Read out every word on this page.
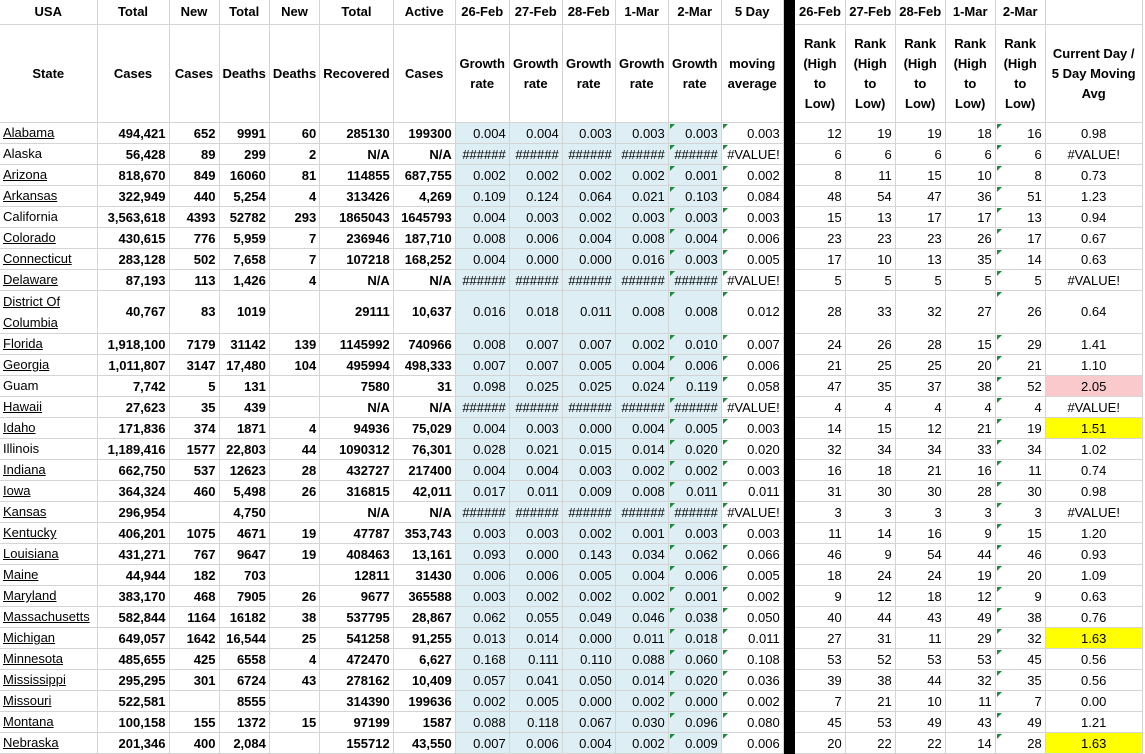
USA	Total	New	Total	New	Total	Active	26-Feb	27-Feb	28-Feb	1-Mar	2-Mar	5 Day		26-Feb	27-Feb	28-Feb	1-Mar	2-Mar	
State	Cases	Cases	Deaths	Deaths	Recovered	Cases	Growth rate	Growth rate	Growth rate	Growth rate	Growth rate	moving average		Rank (High to Low)	Rank (High to Low)	Rank (High to Low)	Rank (High to Low)	Rank (High to Low)	Current Day / 5 Day Moving Avg
Alabama	494,421	652	9991	60	285130	199300	0.004	0.004	0.003	0.003	0.003	0.003		12	19	19	18	16	0.98
Alaska	56,428	89	299	2	N/A	N/A	######	######	######	######	######	#VALUE!		6	6	6	6	6	#VALUE!
Arizona	818,670	849	16060	81	114855	687,755	0.002	0.002	0.002	0.002	0.001	0.002		8	11	15	10	8	0.73
Arkansas	322,949	440	5,254	4	313426	4,269	0.109	0.124	0.064	0.021	0.103	0.084		48	54	47	36	51	1.23
California	3,563,618	4393	52782	293	1865043	1645793	0.004	0.003	0.002	0.003	0.003	0.003		15	13	17	17	13	0.94
Colorado	430,615	776	5,959	7	236946	187,710	0.008	0.006	0.004	0.008	0.004	0.006		23	23	23	26	17	0.67
Connecticut	283,128	502	7,658	7	107218	168,252	0.004	0.000	0.000	0.016	0.003	0.005		17	10	13	35	14	0.63
Delaware	87,193	113	1,426	4	N/A	N/A	######	######	######	######	######	#VALUE!		5	5	5	5	5	#VALUE!
District Of Columbia	40,767	83	1019		29111	10,637	0.016	0.018	0.011	0.008	0.008	0.012		28	33	32	27	26	0.64
Florida	1,918,100	7179	31142	139	1145992	740966	0.008	0.007	0.007	0.002	0.010	0.007		24	26	28	15	29	1.41
Georgia	1,011,807	3147	17,480	104	495994	498,333	0.007	0.007	0.005	0.004	0.006	0.006		21	25	25	20	21	1.10
Guam	7,742	5	131		7580	31	0.098	0.025	0.025	0.024	0.119	0.058		47	35	37	38	52	2.05
Hawaii	27,623	35	439		N/A	N/A	######	######	######	######	######	#VALUE!		4	4	4	4	4	#VALUE!
Idaho	171,836	374	1871	4	94936	75,029	0.004	0.003	0.000	0.004	0.005	0.003		14	15	12	21	19	1.51
Illinois	1,189,416	1577	22,803	44	1090312	76,301	0.028	0.021	0.015	0.014	0.020	0.020		32	34	34	33	34	1.02
Indiana	662,750	537	12623	28	432727	217400	0.004	0.004	0.003	0.002	0.002	0.003		16	18	21	16	11	0.74
Iowa	364,324	460	5,498	26	316815	42,011	0.017	0.011	0.009	0.008	0.011	0.011		31	30	30	28	30	0.98
Kansas	296,954		4,750		N/A	N/A	######	######	######	######	######	#VALUE!		3	3	3	3	3	#VALUE!
Kentucky	406,201	1075	4671	19	47787	353,743	0.003	0.003	0.002	0.001	0.003	0.003		11	14	16	9	15	1.20
Louisiana	431,271	767	9647	19	408463	13,161	0.093	0.000	0.143	0.034	0.062	0.066		46	9	54	44	46	0.93
Maine	44,944	182	703		12811	31430	0.006	0.006	0.005	0.004	0.006	0.005		18	24	24	19	20	1.09
Maryland	383,170	468	7905	26	9677	365588	0.003	0.002	0.002	0.002	0.001	0.002		9	12	18	12	9	0.63
Massachusetts	582,844	1164	16182	38	537795	28,867	0.062	0.055	0.049	0.046	0.038	0.050		40	44	43	49	38	0.76
Michigan	649,057	1642	16,544	25	541258	91,255	0.013	0.014	0.000	0.011	0.018	0.011		27	31	11	29	32	1.63
Minnesota	485,655	425	6558	4	472470	6,627	0.168	0.111	0.110	0.088	0.060	0.108		53	52	53	53	45	0.56
Mississippi	295,295	301	6724	43	278162	10,409	0.057	0.041	0.050	0.014	0.020	0.036		39	38	44	32	35	0.56
Missouri	522,581		8555		314390	199636	0.002	0.005	0.000	0.002	0.000	0.002		7	21	10	11	7	0.00
Montana	100,158	155	1372	15	97199	1587	0.088	0.118	0.067	0.030	0.096	0.080		45	53	49	43	49	1.21
Nebraska	201,346	400	2,084		155712	43,550	0.007	0.006	0.004	0.002	0.009	0.006		20	22	22	14	28	1.63
